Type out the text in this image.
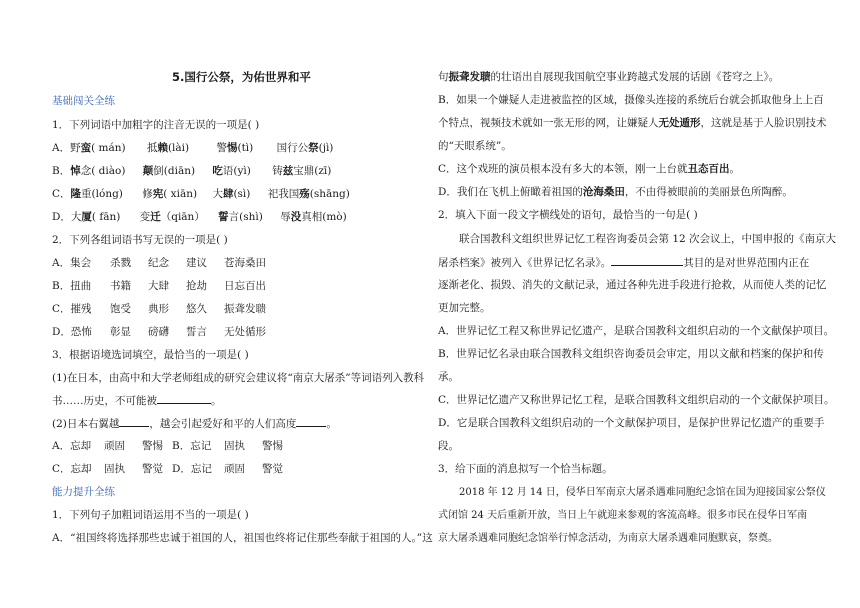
5.国行公祭，为佑世界和平
基础闯关全练
1．下列词语中加粗字的注音无误的一项是( )
A．野蛮( mán) 抵赖(lài)	警惕(tì) 国行公祭(jì)
B．悼念( diào) 颠倒(diān) 吃语(yì) 铸兹宝鼎(zī)
C．隆重(lóng) 修宪( xiān) 大肆(sì) 祀我国殇(shāng)
D．大厦( fān) 变迁（qiān） 誓言(shì) 辱没真相(mò)
2．下列各组词语书写无误的一项是( )
A．集会 杀戮 纪念 建议 苍海桑田
B．扭曲 书籍 大肆 抢劫 日忘百出
C．摧残 饱受 典形 悠久 振聋发聩
D．恐怖 彰显 磅礴 誓言 无处循形
3．根据语境选词填空，最恰当的一项是( )
(1)在日本，由高中和大学老师组成的研究会建议将“南京大屠杀”等词语列入教科
书……历史，不可能被	。
(2)日本右翼越	，越会引起爱好和平的人们高度	。
A．忘却 顽固 警惕 B．忘记 固执 警惕
C．忘却 固执 警觉 D．忘记 顽固 警觉
能力提升全练
1．下列句子加粗词语运用不当的一项是( )
A．“祖国终将选择那些忠诚于祖国的人，祖国也终将记住那些奉献于祖国的人。”这
句振聋发聩的壮语出自展现我国航空事业跨越式发展的话剧《苍穹之上》。
B．如果一个嫌疑人走进被监控的区域，摄像头连接的系统后台就会抓取他身上上百
个特点，视频技术就如一张无形的网，让嫌疑人无处遁形，这就是基于人脸识别技术
的“天眼系统”。
C．这个戏班的演员根本没有多大的本领，刚一上台就丑态百出。
D．我们在飞机上俯瞰着祖国的沧海桑田，不由得被眼前的美丽景色所陶醉。
2．填入下面一段文字横线处的语句，最恰当的一句是( )
联合国教科文组织世界记忆工程咨询委员会第 12 次会议上，中国申报的《南京大
屠杀档案》被列入《世界记忆名录》。	其目的是对世界范围内正在
逐渐老化、损毁、消失的文献记录，通过各种先进手段进行抢救，从而使人类的记忆
更加完整。
A．世界记忆工程又称世界记忆遗产，是联合国教科文组织启动的一个文献保护项目。
B．世界记忆名录由联合国教科文组织咨询委员会审定，用以文献和档案的保护和传
承。
C．世界记忆遗产又称世界记忆工程，是联合国教科文组织启动的一个文献保护项目。
D．它是联合国教科文组织启动的一个文献保护项目，是保护世界记忆遗产的重要手
段。
3．给下面的消息拟写一个恰当标题。
2018 年 12 月 14 日，侵华日军南京大屠杀遇难同胞纪念馆在国为迎接国家公祭仪
式闭馆 24 天后重新开放，当日上午就迎来参观的客流高峰。很多市民在侵华日军南
京大屠杀遇难同胞纪念馆举行悼念活动，为南京大屠杀遇难同胞默哀，祭奠。
